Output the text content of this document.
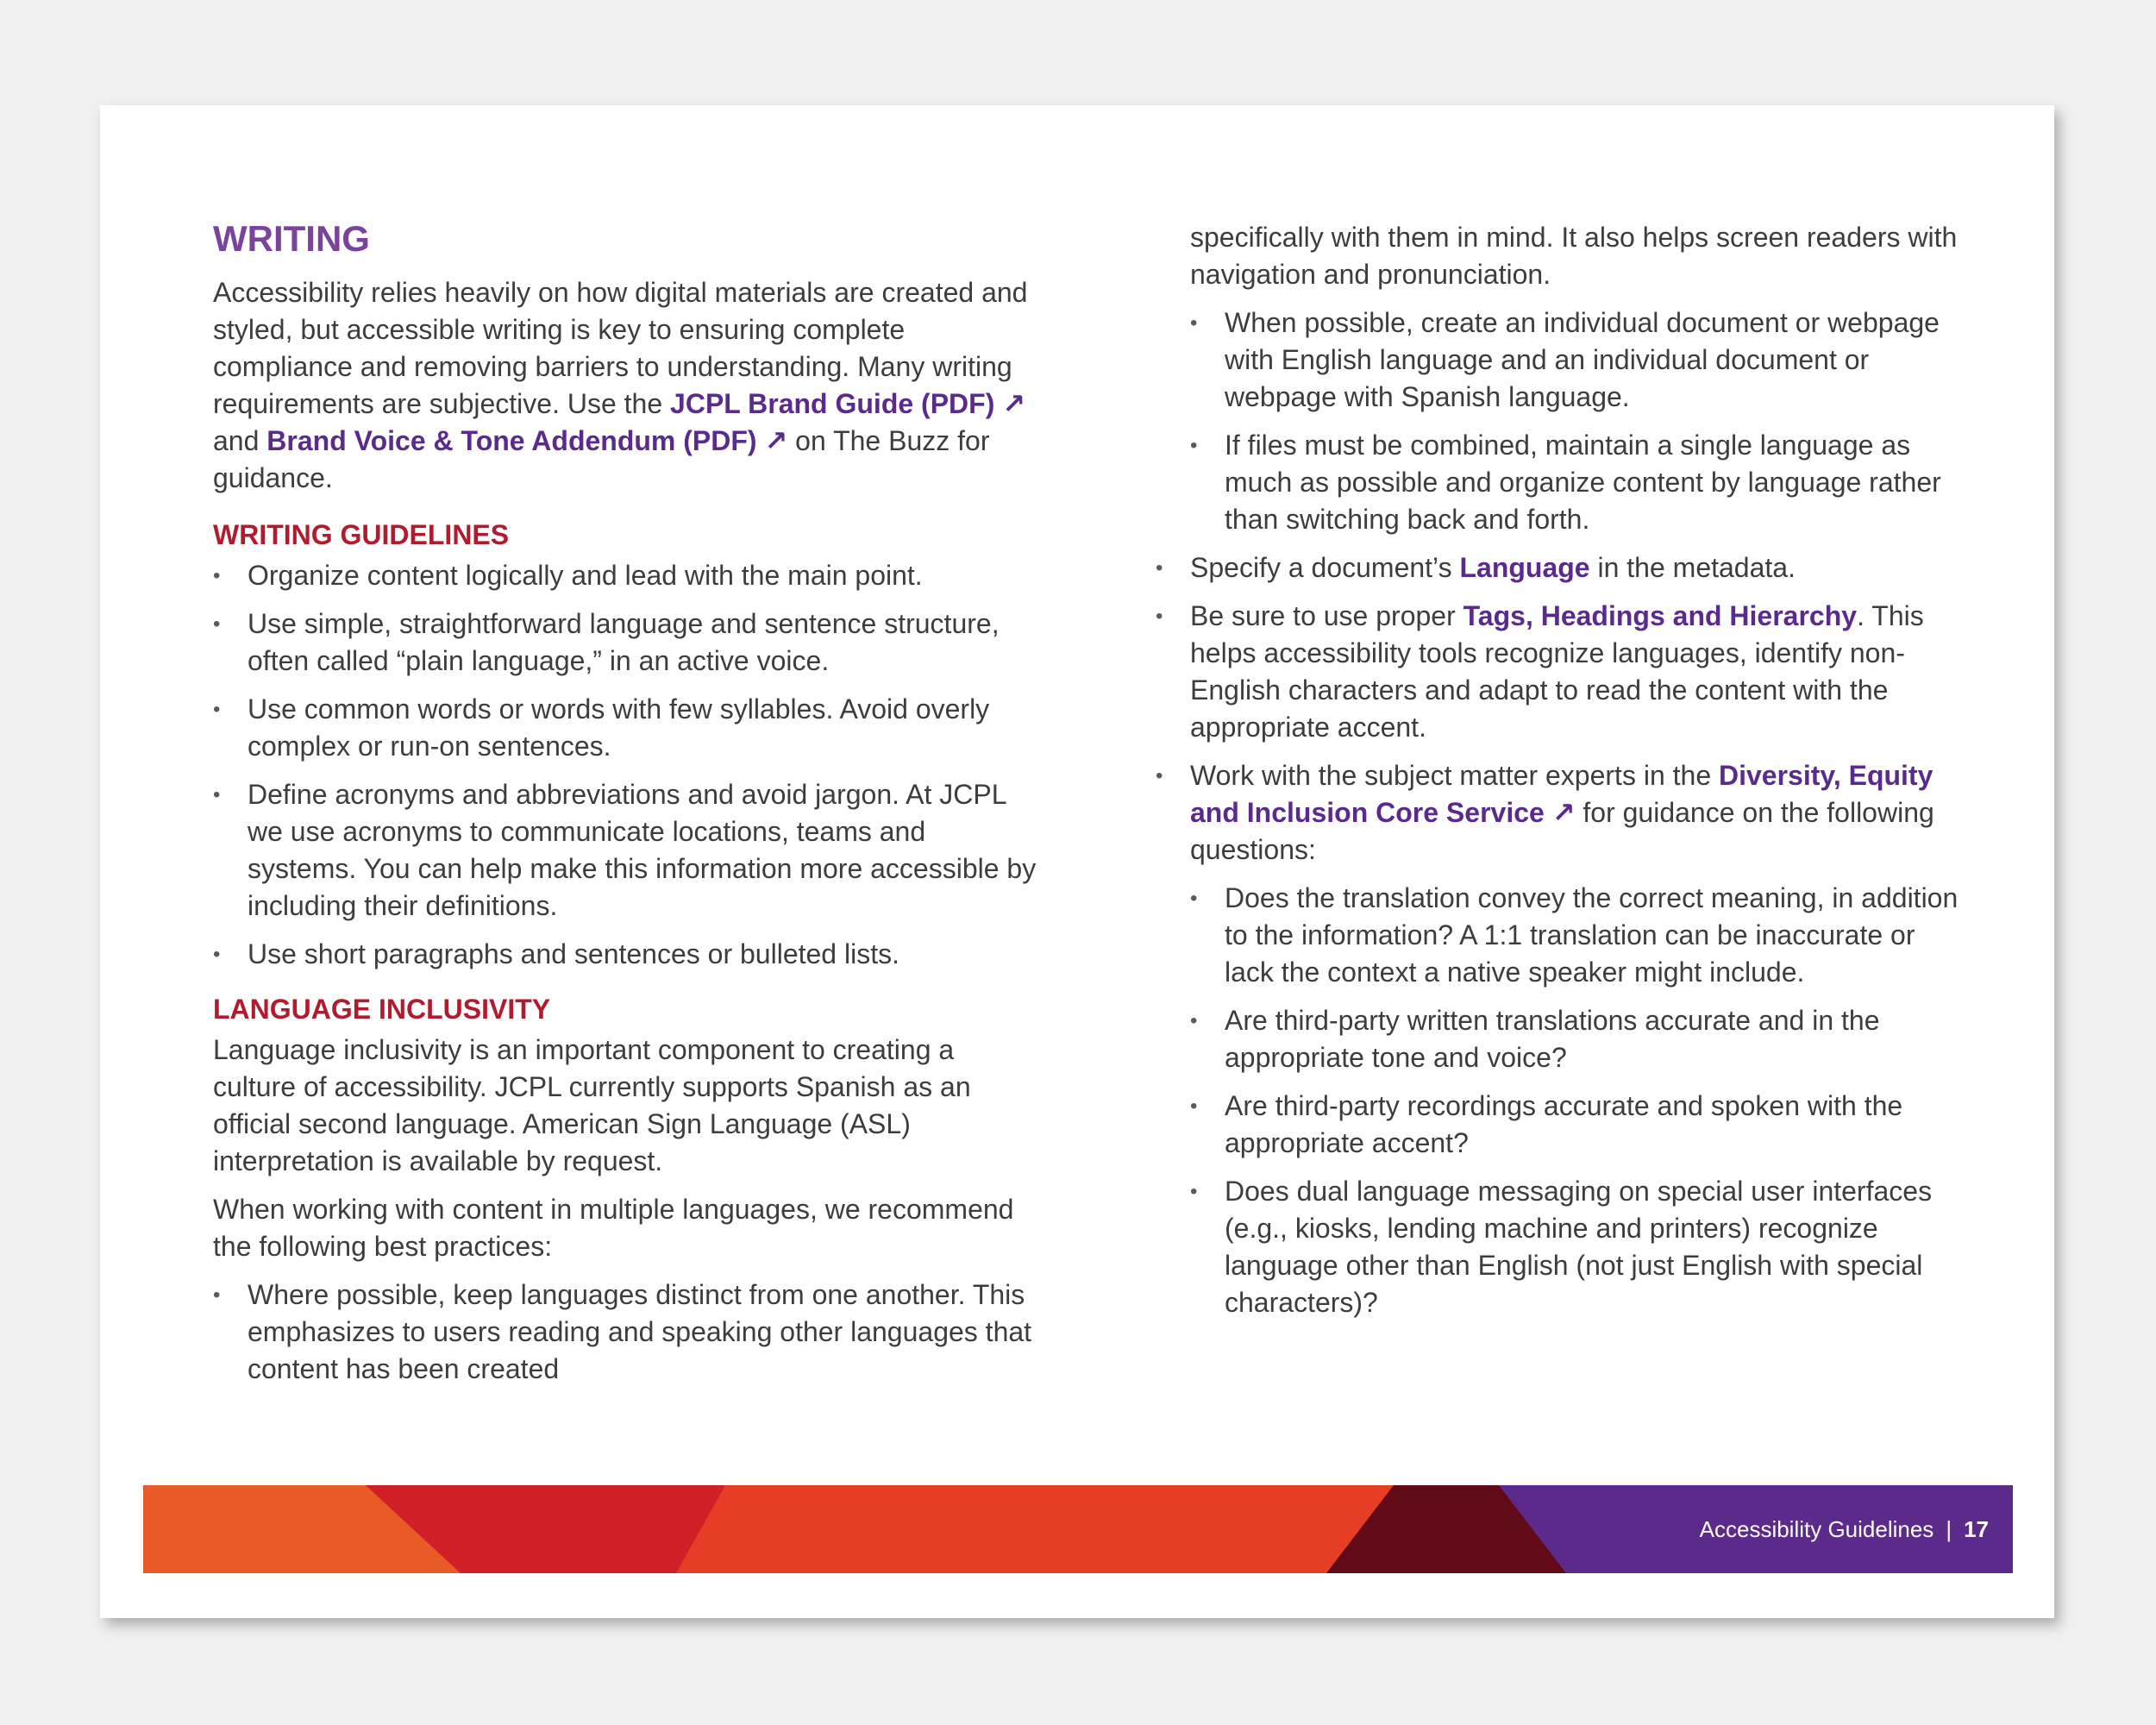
WRITING

Accessibility relies heavily on how digital materials are created and styled, but accessible writing is key to ensuring complete compliance and removing barriers to understanding. Many writing requirements are subjective. Use the JCPL Brand Guide (PDF) ↗ and Brand Voice & Tone Addendum (PDF) ↗ on The Buzz for guidance.

WRITING GUIDELINES
• Organize content logically and lead with the main point.
• Use simple, straightforward language and sentence structure, often called “plain language,” in an active voice.
• Use common words or words with few syllables. Avoid overly complex or run-on sentences.
• Define acronyms and abbreviations and avoid jargon. At JCPL we use acronyms to communicate locations, teams and systems. You can help make this information more accessible by including their definitions.
• Use short paragraphs and sentences or bulleted lists.
LANGUAGE INCLUSIVITY

Language inclusivity is an important component to creating a culture of accessibility. JCPL currently supports Spanish as an official second language. American Sign Language (ASL) interpretation is available by request.

When working with content in multiple languages, we recommend the following best practices:

• Where possible, keep languages distinct from one another. This emphasizes to users reading and speaking other languages that content has been created

specifically with them in mind. It also helps screen readers with navigation and pronunciation.

• When possible, create an individual document or webpage with English language and an individual document or webpage with Spanish language.
• If files must be combined, maintain a single language as much as possible and organize content by language rather than switching back and forth.
• Specify a document’s Language in the metadata.
• Be sure to use proper Tags, Headings and Hierarchy. This helps accessibility tools recognize languages, identify non-English characters and adapt to read the content with the appropriate accent.
• Work with the subject matter experts in the Diversity, Equity and Inclusion Core Service ↗ for guidance on the following questions:
• Does the translation convey the correct meaning, in addition to the information? A 1:1 translation can be inaccurate or lack the context a native speaker might include.
• Are third-party written translations accurate and in the appropriate tone and voice?
• Are third-party recordings accurate and spoken with the appropriate accent?
• Does dual language messaging on special user interfaces (e.g., kiosks, lending machine and printers) recognize language other than English (not just English with special characters)?
Accessibility Guidelines | 17
